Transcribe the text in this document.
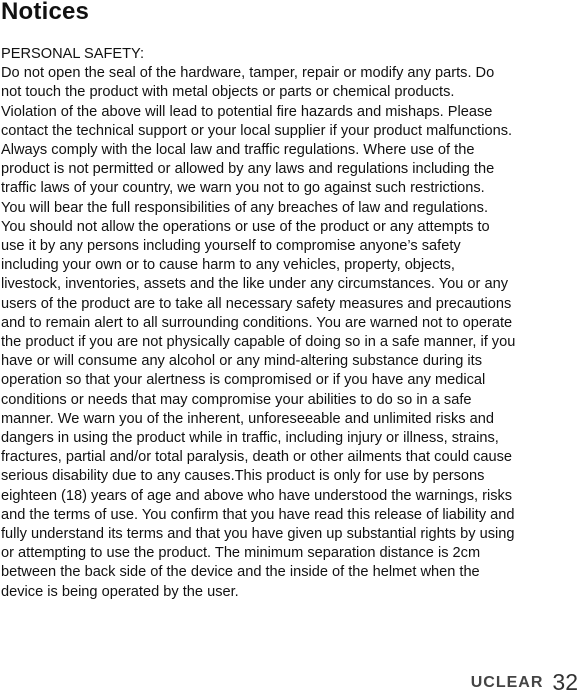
Notices
PERSONAL SAFETY:
Do not open the seal of the hardware, tamper, repair or modify any parts. Do
not touch the product with metal objects or parts or chemical products.
Violation of the above will lead to potential fire hazards and mishaps. Please
contact the technical support or your local supplier if your product malfunctions.
Always comply with the local law and traffic regulations. Where use of the
product is not permitted or allowed by any laws and regulations including the
traffic laws of your country, we warn you not to go against such restrictions.
You will bear the full responsibilities of any breaches of law and regulations.
You should not allow the operations or use of the product or any attempts to
use it by any persons including yourself to compromise anyone’s safety
including your own or to cause harm to any vehicles, property, objects,
livestock, inventories, assets and the like under any circumstances. You or any
users of the product are to take all necessary safety measures and precautions
and to remain alert to all surrounding conditions. You are warned not to operate
the product if you are not physically capable of doing so in a safe manner, if you
have or will consume any alcohol or any mind-altering substance during its
operation so that your alertness is compromised or if you have any medical
conditions or needs that may compromise your abilities to do so in a safe
manner. We warn you of the inherent, unforeseeable and unlimited risks and
dangers in using the product while in traffic, including injury or illness, strains,
fractures, partial and/or total paralysis, death or other ailments that could cause
serious disability due to any causes.This product is only for use by persons
eighteen (18) years of age and above who have understood the warnings, risks
and the terms of use. You confirm that you have read this release of liability and
fully understand its terms and that you have given up substantial rights by using
or attempting to use the product. The minimum separation distance is 2cm
between the back side of the device and the inside of the helmet when the
device is being operated by the user.
UCLEAR 32
